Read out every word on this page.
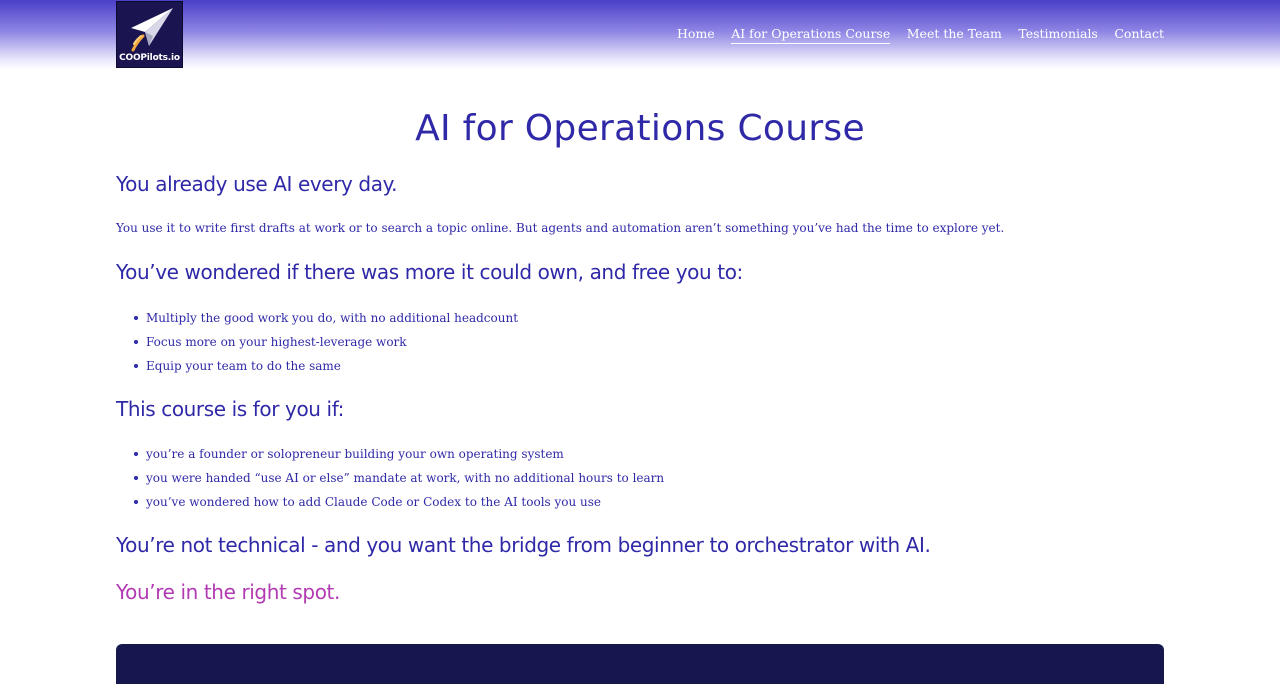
COOPilots.io
Home AI for Operations Course Meet the Team Testimonials Contact
AI for Operations Course
You already use AI every day.

You use it to write first drafts at work or to search a topic online. But agents and automation aren’t something you’ve had the time to explore yet.

You’ve wondered if there was more it could own, and free you to:
Multiply the good work you do, with no additional headcount
Focus more on your highest-leverage work
Equip your team to do the same
This course is for you if:
you’re a founder or solopreneur building your own operating system
you were handed “use AI or else” mandate at work, with no additional hours to learn
you’ve wondered how to add Claude Code or Codex to the AI tools you use
You’re not technical - and you want the bridge from beginner to orchestrator with AI.
You’re in the right spot.
